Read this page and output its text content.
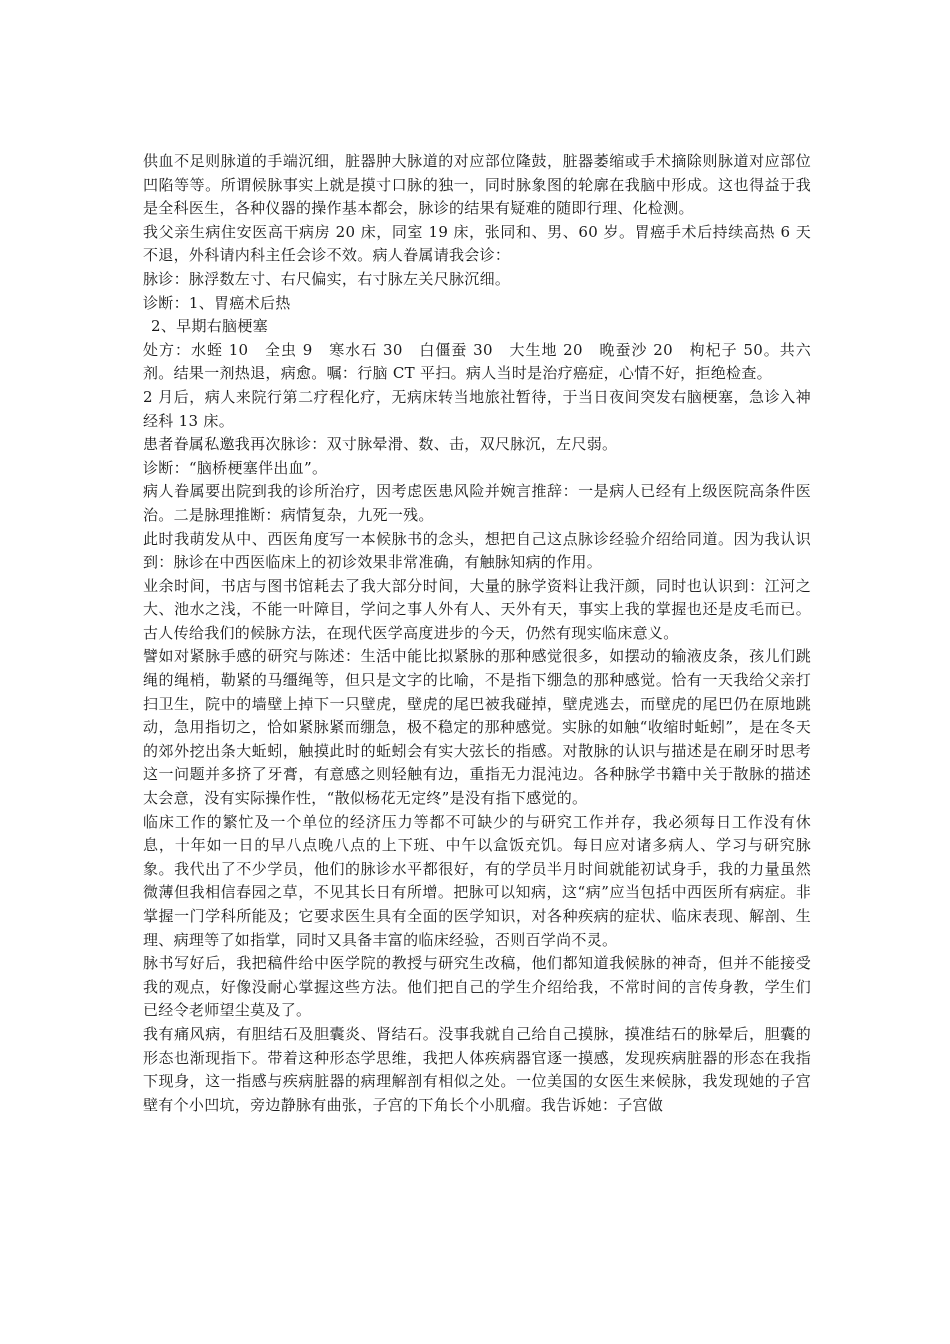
供血不足则脉道的手端沉细，脏器肿大脉道的对应部位隆鼓，脏器萎缩或手术摘除则脉道对应部位凹陷等等。所谓候脉事实上就是摸寸口脉的独一，同时脉象图的轮廓在我脑中形成。这也得益于我是全科医生，各种仪器的操作基本都会，脉诊的结果有疑难的随即行理、化检测。

我父亲生病住安医高干病房 20 床，同室 19 床，张同和、男、60 岁。胃癌手术后持续高热 6 天不退，外科请内科主任会诊不效。病人眷属请我会诊：

脉诊：脉浮数左寸、右尺偏实，右寸脉左关尺脉沉细。

诊断：1、胃癌术后热

2、早期右脑梗塞

处方：水蛭 10　全虫 9　寒水石 30　白僵蚕 30　大生地 20　晚蚕沙 20　枸杞子 50。共六剂。结果一剂热退，病愈。嘱：行脑 CT 平扫。病人当时是治疗癌症，心情不好，拒绝检查。

2 月后，病人来院行第二疗程化疗，无病床转当地旅社暂待，于当日夜间突发右脑梗塞，急诊入神经科 13 床。

患者眷属私邀我再次脉诊：双寸脉晕滑、数、击，双尺脉沉，左尺弱。

诊断：“脑桥梗塞伴出血”。

病人眷属要出院到我的诊所治疗，因考虑医患风险并婉言推辞：一是病人已经有上级医院高条件医治。二是脉理推断：病情复杂，九死一残。

此时我萌发从中、西医角度写一本候脉书的念头，想把自己这点脉诊经验介绍给同道。因为我认识到：脉诊在中西医临床上的初诊效果非常准确，有触脉知病的作用。

业余时间，书店与图书馆耗去了我大部分时间，大量的脉学资料让我汗颜，同时也认识到：江河之大、池水之浅，不能一叶障目，学问之事人外有人、天外有天，事实上我的掌握也还是皮毛而已。古人传给我们的候脉方法，在现代医学高度进步的今天，仍然有现实临床意义。

譬如对紧脉手感的研究与陈述：生活中能比拟紧脉的那种感觉很多，如摆动的输液皮条，孩儿们跳绳的绳梢，勒紧的马缰绳等，但只是文字的比喻，不是指下绷急的那种感觉。恰有一天我给父亲打扫卫生，院中的墙壁上掉下一只壁虎，壁虎的尾巴被我碰掉，壁虎逃去，而壁虎的尾巴仍在原地跳动，急用指切之，恰如紧脉紧而绷急，极不稳定的那种感觉。实脉的如触“收缩时蚯蚓”，是在冬天的郊外挖出条大蚯蚓，触摸此时的蚯蚓会有实大弦长的指感。对散脉的认识与描述是在刷牙时思考这一问题并多挤了牙膏，有意感之则轻触有边，重指无力混沌边。各种脉学书籍中关于散脉的描述太会意，没有实际操作性，“散似杨花无定终”是没有指下感觉的。

临床工作的繁忙及一个单位的经济压力等都不可缺少的与研究工作并存，我必须每日工作没有休息，十年如一日的早八点晚八点的上下班、中午以盒饭充饥。每日应对诸多病人、学习与研究脉象。我代出了不少学员，他们的脉诊水平都很好，有的学员半月时间就能初试身手，我的力量虽然微薄但我相信春园之草，不见其长日有所增。把脉可以知病，这“病”应当包括中西医所有病症。非掌握一门学科所能及；它要求医生具有全面的医学知识，对各种疾病的症状、临床表现、解剖、生理、病理等了如指掌，同时又具备丰富的临床经验，否则百学尚不灵。

脉书写好后，我把稿件给中医学院的教授与研究生改稿，他们都知道我候脉的神奇，但并不能接受我的观点，好像没耐心掌握这些方法。他们把自己的学生介绍给我，不常时间的言传身教，学生们已经令老师望尘莫及了。

我有痛风病，有胆结石及胆囊炎、肾结石。没事我就自己给自己摸脉，摸准结石的脉晕后，胆囊的形态也渐现指下。带着这种形态学思维，我把人体疾病器官逐一摸感，发现疾病脏器的形态在我指下现身，这一指感与疾病脏器的病理解剖有相似之处。一位美国的女医生来候脉，我发现她的子宫壁有个小凹坑，旁边静脉有曲张，子宫的下角长个小肌瘤。我告诉她：子宫做
